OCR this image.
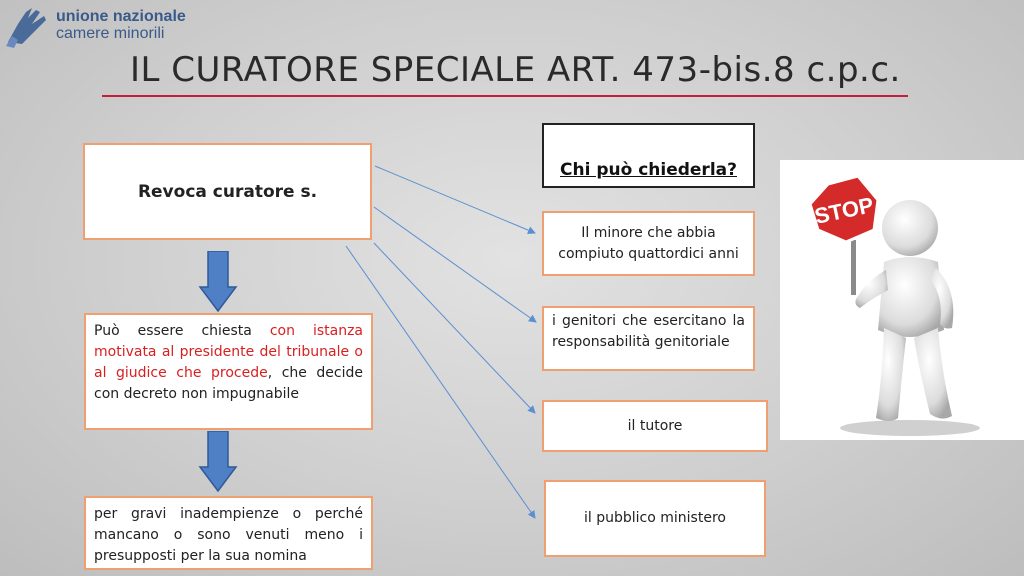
unione nazionale
camere minorili
IL CURATORE SPECIALE ART. 473-bis.8 c.p.c.
Revoca curatore s.
Può essere chiesta con istanza motivata al presidente del tribunale o al giudice che procede, che decide con decreto non impugnabile
per gravi inadempienze o perché mancano o sono venuti meno i presupposti per la sua nomina
Chi può chiederla?
Il minore che abbia compiuto quattordici anni
i genitori che esercitano la responsabilità genitoriale
il tutore
il pubblico ministero
STOP
